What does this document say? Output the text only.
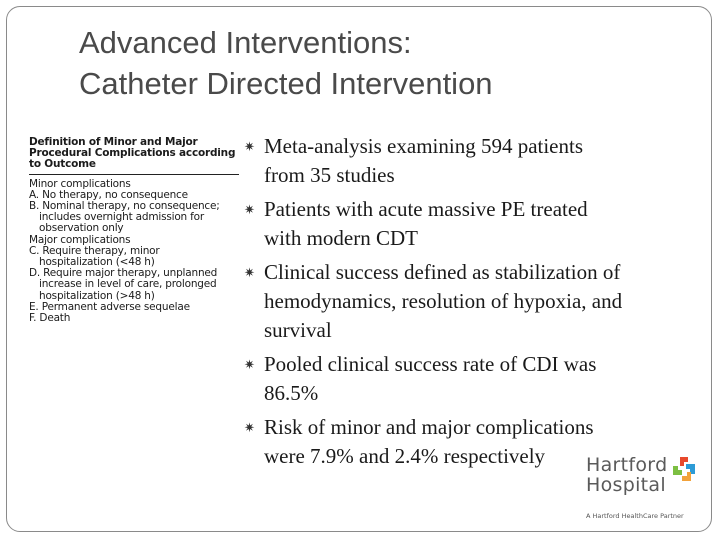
Advanced Interventions:
Catheter Directed Intervention
Definition of Minor and Major
Procedural Complications according
to Outcome
Minor complications
A. No therapy, no consequence
B. Nominal therapy, no consequence;
includes overnight admission for
observation only
Major complications
C. Require therapy, minor
hospitalization (<48 h)
D. Require major therapy, unplanned
increase in level of care, prolonged
hospitalization (>48 h)
E. Permanent adverse sequelae
F. Death
✷ Meta-analysis examining 594 patients
from 35 studies
✷ Patients with acute massive PE treated
with modern CDT
✷ Clinical success defined as stabilization of
hemodynamics, resolution of hypoxia, and
survival
✷ Pooled clinical success rate of CDI was
86.5%
✷ Risk of minor and major complications
were 7.9% and 2.4% respectively	Hartford
Hospital
A Hartford HealthCare Partner
